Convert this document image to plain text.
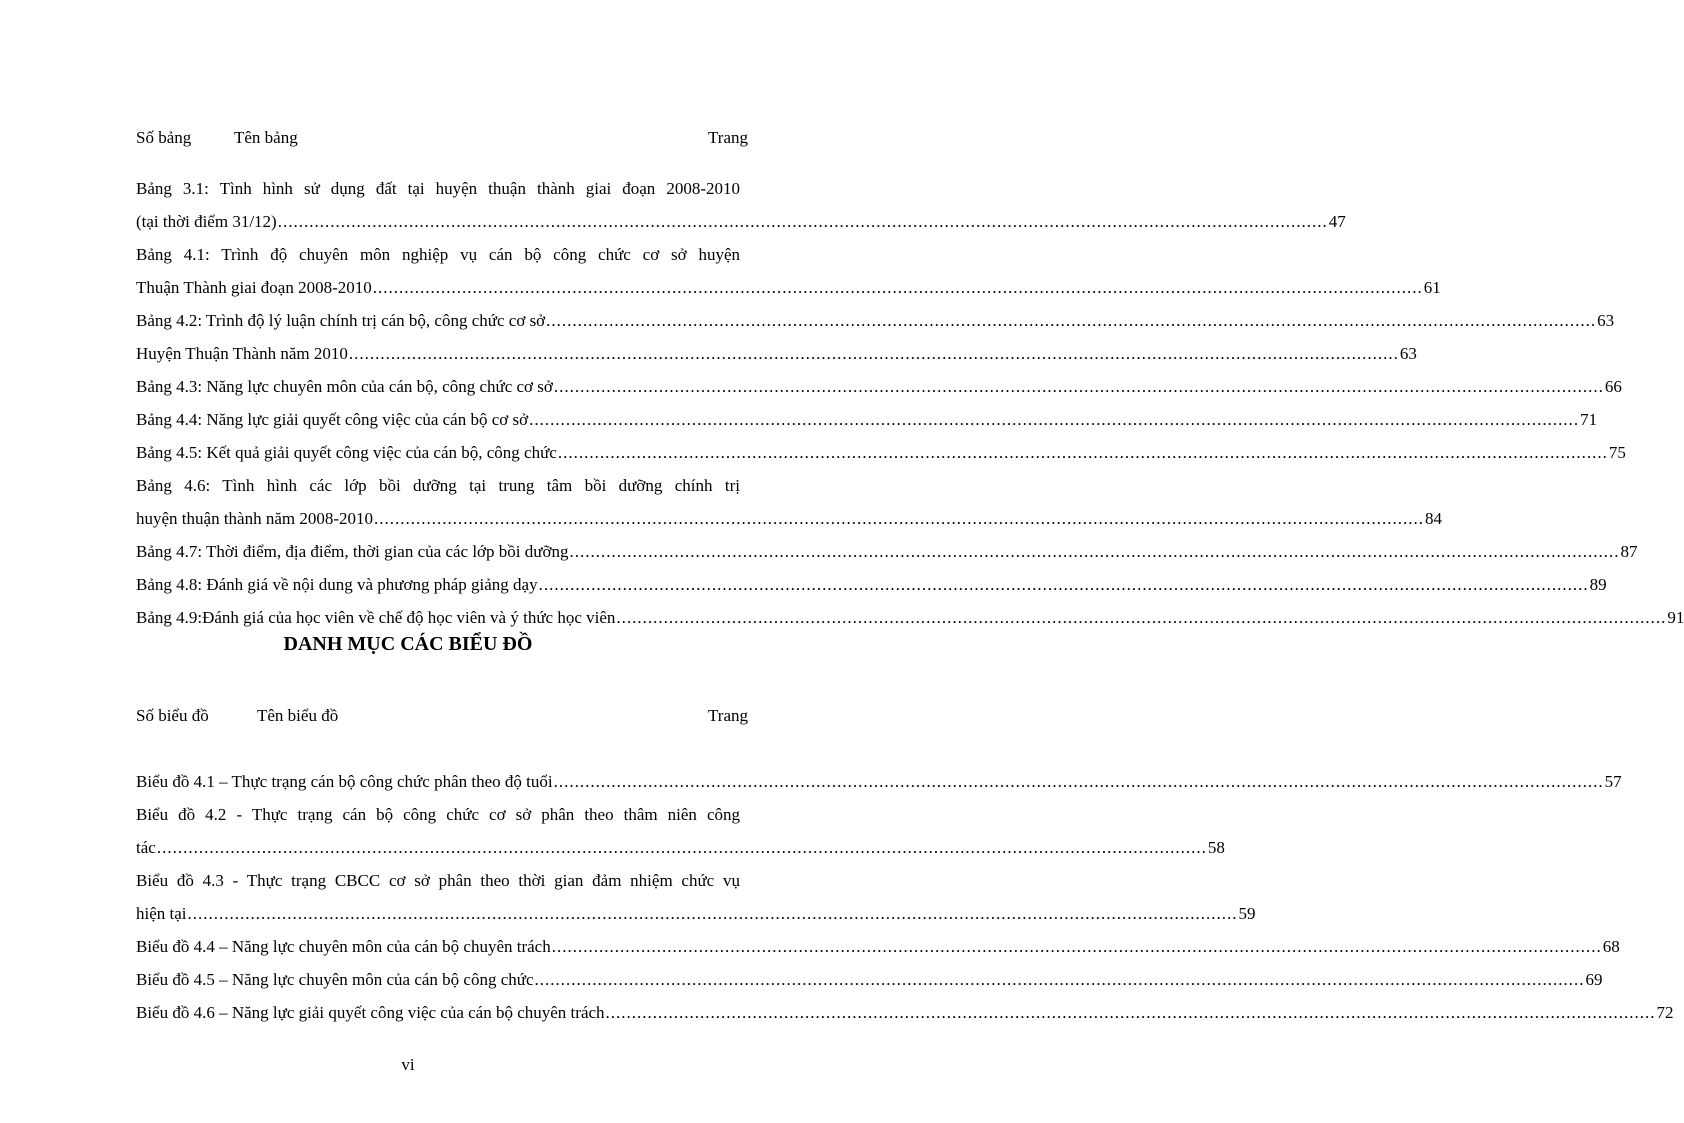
Số bảng	Tên bảng	Trang
Bảng 3.1: Tình hình sử dụng đất tại huyện thuận thành giai đoạn 2008-2010
(tại thời điểm 31/12) ........................................................................................................................................................................................................ 47
Bảng 4.1: Trình độ chuyên môn nghiệp vụ cán bộ công chức cơ sở huyện
Thuận Thành giai đoạn 2008-2010 ........................................................................................................................................................................................................ 61
Bảng 4.2: Trình độ lý luận chính trị cán bộ, công chức cơ sở ........................................................................................................................................................................................................ 63
Huyện Thuận Thành năm 2010 ........................................................................................................................................................................................................ 63
Bảng 4.3: Năng lực chuyên môn của cán bộ, công chức cơ sở ........................................................................................................................................................................................................ 66
Bảng 4.4: Năng lực giải quyết công việc của cán bộ cơ sở ........................................................................................................................................................................................................ 71
Bảng 4.5: Kết quả giải quyết công việc của cán bộ, công chức ........................................................................................................................................................................................................ 75
Bảng 4.6: Tình hình các lớp bồi dưỡng tại trung tâm bồi dưỡng chính trị
huyện thuận thành năm 2008-2010 ........................................................................................................................................................................................................ 84
Bảng 4.7: Thời điểm, địa điểm, thời gian của các lớp bồi dưỡng ........................................................................................................................................................................................................ 87
Bảng 4.8: Đánh giá về nội dung và phương pháp giảng dạy ........................................................................................................................................................................................................ 89
Bảng 4.9:Đánh giá của học viên về chế độ học viên và ý thức học viên ........................................................................................................................................................................................................ 91
DANH MỤC CÁC BIỂU ĐỒ
Số biểu đồ	Tên biểu đồ	Trang
Biểu đồ 4.1 – Thực trạng cán bộ công chức phân theo độ tuổi ........................................................................................................................................................................................................ 57
Biểu đồ 4.2 - Thực trạng cán bộ công chức cơ sở phân theo thâm niên công
tác ........................................................................................................................................................................................................ 58
Biểu đồ 4.3 - Thực trạng CBCC cơ sở phân theo thời gian đảm nhiệm chức vụ
hiện tại ........................................................................................................................................................................................................ 59
Biểu đồ 4.4 – Năng lực chuyên môn của cán bộ chuyên trách ........................................................................................................................................................................................................ 68
Biểu đồ 4.5 – Năng lực chuyên môn của cán bộ công chức ........................................................................................................................................................................................................ 69
Biểu đồ 4.6 – Năng lực giải quyết công việc của cán bộ chuyên trách ........................................................................................................................................................................................................ 72
vi
